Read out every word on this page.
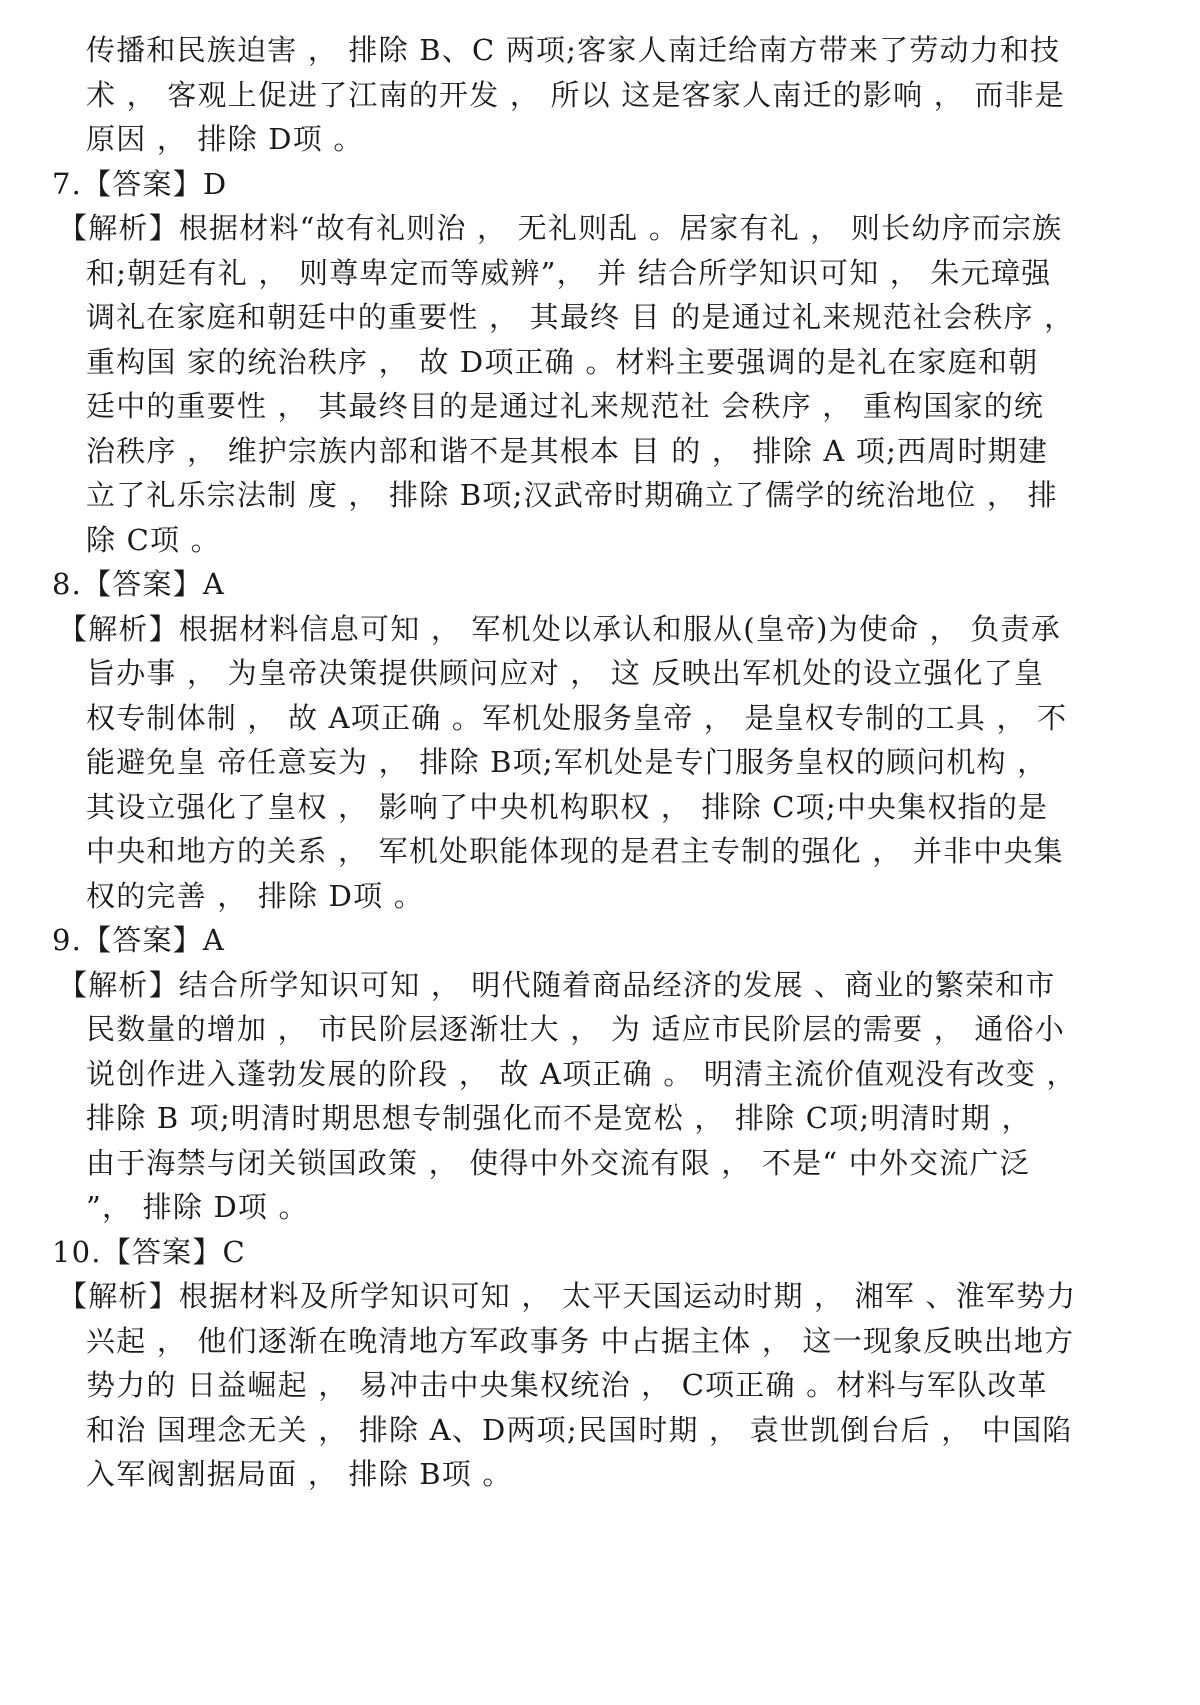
传播和民族迫害 ， 排除 B、C 两项;客家人南迁给南方带来了劳动力和技
术 ， 客观上促进了江南的开发 ， 所以 这是客家人南迁的影响 ， 而非是
原因 ， 排除 D项 。
7.【答案】D
【解析】根据材料“故有礼则治 ， 无礼则乱 。居家有礼 ， 则长幼序而宗族
和;朝廷有礼 ， 则尊卑定而等威辨”， 并 结合所学知识可知 ， 朱元璋强
调礼在家庭和朝廷中的重要性 ， 其最终 目 的是通过礼来规范社会秩序 ，
重构国 家的统治秩序 ， 故 D项正确 。材料主要强调的是礼在家庭和朝
廷中的重要性 ， 其最终目的是通过礼来规范社 会秩序 ， 重构国家的统
治秩序 ， 维护宗族内部和谐不是其根本 目 的 ， 排除 A 项;西周时期建
立了礼乐宗法制 度 ， 排除 B项;汉武帝时期确立了儒学的统治地位 ， 排
除 C项 。
8.【答案】A
【解析】根据材料信息可知 ， 军机处以承认和服从(皇帝)为使命 ， 负责承
旨办事 ， 为皇帝决策提供顾问应对 ， 这 反映出军机处的设立强化了皇
权专制体制 ， 故 A项正确 。军机处服务皇帝 ， 是皇权专制的工具 ， 不
能避免皇 帝任意妄为 ， 排除 B项;军机处是专门服务皇权的顾问机构 ，
其设立强化了皇权 ， 影响了中央机构职权 ， 排除 C项;中央集权指的是
中央和地方的关系 ， 军机处职能体现的是君主专制的强化 ， 并非中央集
权的完善 ， 排除 D项 。
9.【答案】A
【解析】结合所学知识可知 ， 明代随着商品经济的发展 、商业的繁荣和市
民数量的增加 ， 市民阶层逐渐壮大 ， 为 适应市民阶层的需要 ， 通俗小
说创作进入蓬勃发展的阶段 ， 故 A项正确 。 明清主流价值观没有改变 ，
排除 B 项;明清时期思想专制强化而不是宽松 ， 排除 C项;明清时期 ，
由于海禁与闭关锁国政策 ， 使得中外交流有限 ， 不是“ 中外交流广泛
”， 排除 D项 。
10.【答案】C
【解析】根据材料及所学知识可知 ， 太平天国运动时期 ， 湘军 、淮军势力
兴起 ， 他们逐渐在晚清地方军政事务 中占据主体 ， 这一现象反映出地方
势力的 日益崛起 ， 易冲击中央集权统治 ， C项正确 。材料与军队改革
和治 国理念无关 ， 排除 A、D两项;民国时期 ， 袁世凯倒台后 ， 中国陷
入军阀割据局面 ， 排除 B项 。
